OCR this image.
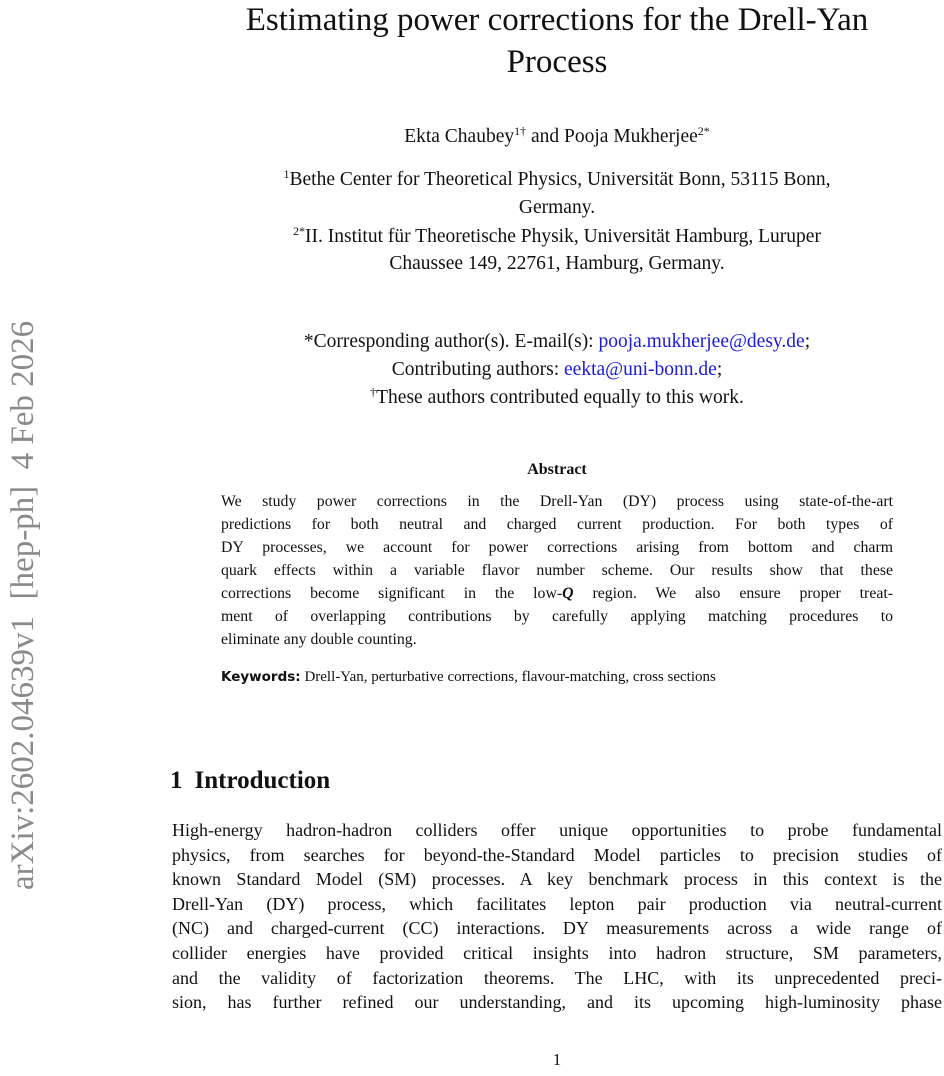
arXiv:2602.04639v1  [hep-ph]  4 Feb 2026
Estimating power corrections for the Drell-Yan
Process
Ekta Chaubey$^{1\dagger}$ and Pooja Mukherjee$^{2*}$
$^1$Bethe Center for Theoretical Physics, Universität Bonn, 53115 Bonn,
Germany.
$^{2*}$II. Institut für Theoretische Physik, Universität Hamburg, Luruper
Chaussee 149, 22761, Hamburg, Germany.
*Corresponding author(s). E-mail(s): pooja.mukherjee@desy.de;
Contributing authors: eekta@uni-bonn.de;
†These authors contributed equally to this work.
Abstract
We study power corrections in the Drell-Yan (DY) process using state-of-the-art
predictions for both neutral and charged current production. For both types of
DY processes, we account for power corrections arising from bottom and charm
quark effects within a variable flavor number scheme. Our results show that these
corrections become significant in the low-Q region. We also ensure proper treat-
ment of overlapping contributions by carefully applying matching procedures to
eliminate any double counting.
Keywords: Drell-Yan, perturbative corrections, flavour-matching, cross sections
1 Introduction
High-energy hadron-hadron colliders offer unique opportunities to probe fundamental
physics, from searches for beyond-the-Standard Model particles to precision studies of
known Standard Model (SM) processes. A key benchmark process in this context is the
Drell-Yan (DY) process, which facilitates lepton pair production via neutral-current
(NC) and charged-current (CC) interactions. DY measurements across a wide range of
collider energies have provided critical insights into hadron structure, SM parameters,
and the validity of factorization theorems. The LHC, with its unprecedented preci-
sion, has further refined our understanding, and its upcoming high-luminosity phase
1
